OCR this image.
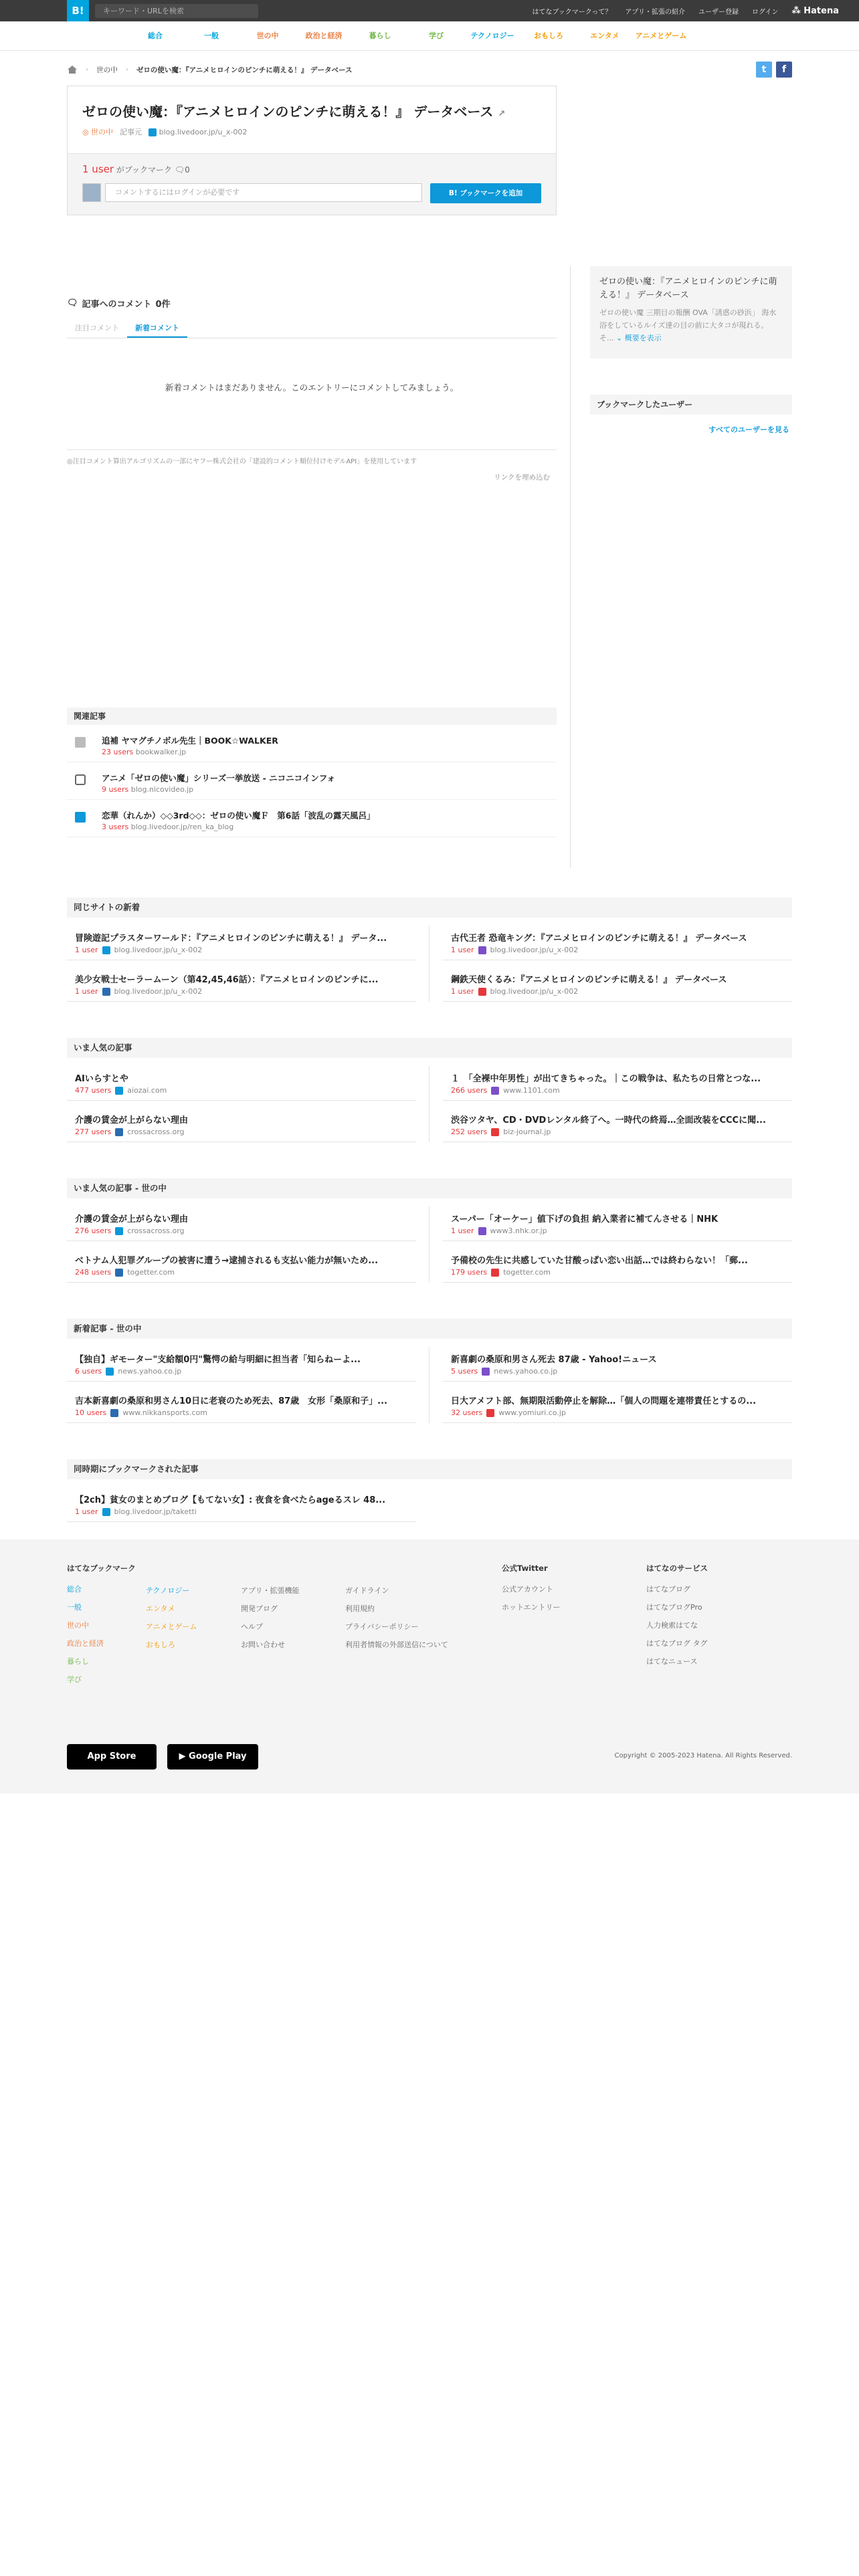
B!	キーワード・URLを検索	はてなブックマークって？ アプリ・拡張の紹介 ユーザー登録 ログイン ⁂ Hatena
総合	一般	世の中	政治と経済	暮らし	学び	テクノロジー	おもしろ	エンタメ	アニメとゲーム
› 世の中 › ゼロの使い魔：『アニメヒロインのピンチに萌える！』 データベース	t	f
ゼロの使い魔：『アニメヒロインのピンチに萌える！』 データベース ↗
◎ 世の中 記事元	blog.livedoor.jp/u_x-002
1 user がブックマーク 🗨0
コメントするにはログインが必要です	B! ブックマークを追加
ゼロの使い魔：『アニメヒロインのピンチに萌える！』 データベース

ゼロの使い魔 三期目の報酬 OVA「誘惑の砂浜」 海水浴をしているルイズ達の目の前に大タコが現れる。 そ... ⌄ 概要を表示

ブックマークしたユーザー
すべてのユーザーを見る
🗨 記事へのコメント 0件
注目コメント	新着コメント
新着コメントはまだありません。このエントリーにコメントしてみましょう。
◎注目コメント算出アルゴリズムの一部にヤフー株式会社の「建設的コメント順位付けモデルAPI」を使用しています
リンクを埋め込む
関連記事
追補 ヤマグチノボル先生｜BOOK☆WALKER
23 users bookwalker.jp
アニメ「ゼロの使い魔」シリーズ一挙放送 - ニコニコインフォ
9 users blog.nicovideo.jp
恋華（れんか）◇◇3rd◇◇：ゼロの使い魔Ｆ　第6話「波乱の露天風呂」
3 users blog.livedoor.jp/ren_ka_blog
同じサイトの新着
冒険遊記プラスターワールド：『アニメヒロインのピンチに萌える！』 データ...
1 user blog.livedoor.jp/u_x-002
古代王者 恐竜キング：『アニメヒロインのピンチに萌える！』 データベース
1 user blog.livedoor.jp/u_x-002
美少女戦士セーラームーン（第42,45,46話）：『アニメヒロインのピンチに...
1 user blog.livedoor.jp/u_x-002
鋼鉄天使くるみ：『アニメヒロインのピンチに萌える！』 データベース
1 user blog.livedoor.jp/u_x-002
いま人気の記事
AIいらすとや
477 users aiozai.com
１　「全裸中年男性」が出てきちゃった。｜この戦争は、私たちの日常とつな...
266 users www.1101.com
介護の賃金が上がらない理由
277 users crossacross.org
渋谷ツタヤ、CD・DVDレンタル終了へ。一時代の終焉…全面改装をCCCに聞...
252 users biz-journal.jp
いま人気の記事 - 世の中
介護の賃金が上がらない理由
276 users crossacross.org
スーパー「オーケー」値下げの負担 納入業者に補てんさせる｜NHK
1 user www3.nhk.or.jp
ベトナム人犯罪グループの被害に遭う→逮捕されるも支払い能力が無いため...
248 users togetter.com
予備校の先生に共感していた甘酸っぱい恋い出話…では終わらない！「郵...
179 users togetter.com
新着記事 - 世の中
【独自】ギモーター"支給額0円"驚愕の給与明細に担当者「知らねーよ...
6 users news.yahoo.co.jp
新喜劇の桑原和男さん死去 87歳 - Yahoo!ニュース
5 users news.yahoo.co.jp
吉本新喜劇の桑原和男さん10日に老衰のため死去、87歳　女形「桑原和子」...
10 users www.nikkansports.com
日大アメフト部、無期限活動停止を解除…「個人の問題を連帯責任とするの...
32 users www.yomiuri.co.jp
同時期にブックマークされた記事
【2ch】貧女のまとめブログ【もてない女】: 夜食を食べたらageるスレ 48...
1 user blog.livedoor.jp/taketti
はてなブックマーク
総合
一般
世の中
政治と経済
暮らし
学び
テクノロジー
エンタメ
アニメとゲーム
おもしろ
アプリ・拡張機能
開発ブログ
ヘルプ
お問い合わせ
ガイドライン
利用規約
プライバシーポリシー
利用者情報の外部送信について
公式Twitter
公式アカウント
ホットエントリー
はてなのサービス
はてなブログ
はてなブログPro
人力検索はてな
はてなブログ タグ
はてなニュース
App Store	▶ Google Play	Copyright © 2005-2023 Hatena. All Rights Reserved.
